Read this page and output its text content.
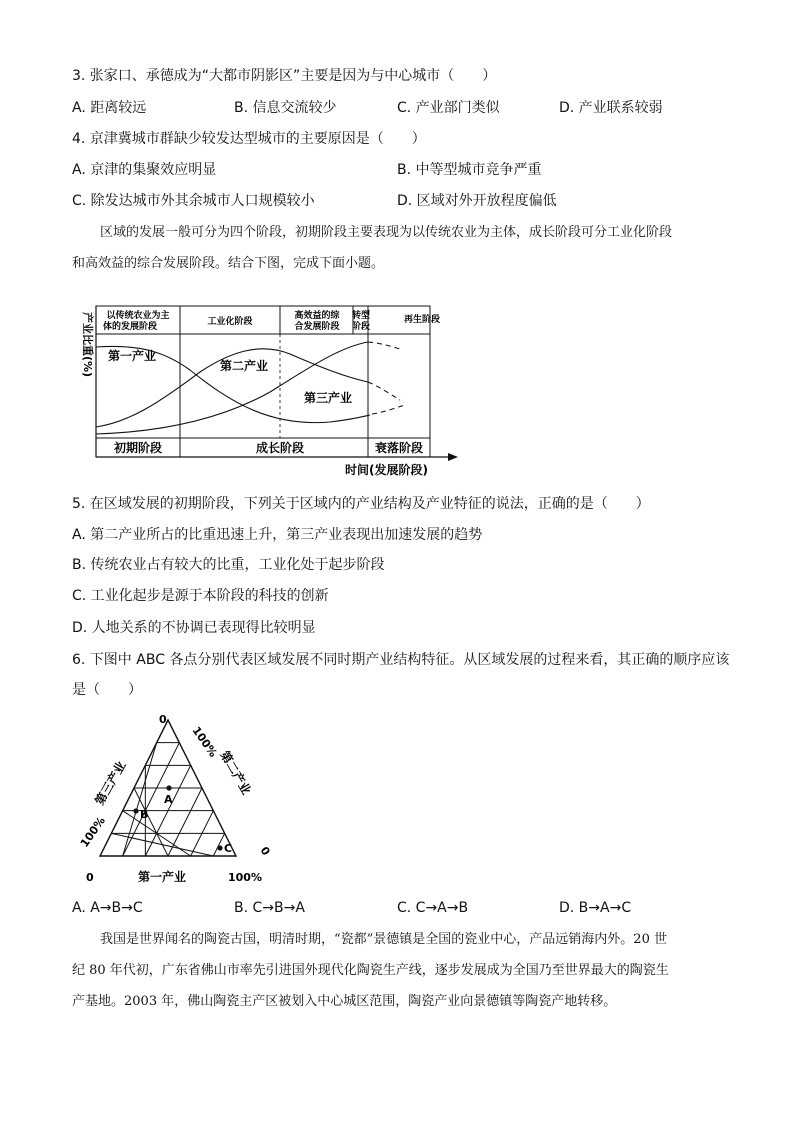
3. 张家口、承德成为“大都市阴影区”主要是因为与中心城市（　　）
A. 距离较远	B. 信息交流较少	C. 产业部门类似	D. 产业联系较弱
4. 京津冀城市群缺少较发达型城市的主要原因是（　　）
A. 京津的集聚效应明显	B. 中等型城市竞争严重
C. 除发达城市外其余城市人口规模较小	D. 区域对外开放程度偏低
区域的发展一般可分为四个阶段，初期阶段主要表现为以传统农业为主体，成长阶段可分工业化阶段
和高效益的综合发展阶段。结合下图，完成下面小题。
以传统农业为主
体的发展阶段	工业化阶段
高效益的综
合发展阶段
转型
阶段
再生阶段
第一产业
第二产业
第三产业
初期阶段	成长阶段	衰落阶段
产业比重(%)
时间(发展阶段)
5. 在区域发展的初期阶段，下列关于区域内的产业结构及产业特征的说法，正确的是（　　）
A. 第二产业所占的比重迅速上升，第三产业表现出加速发展的趋势
B. 传统农业占有较大的比重，工业化处于起步阶段
C. 工业化起步是源于本阶段的科技的创新
D. 人地关系的不协调已表现得比较明显
6. 下图中 ABC 各点分别代表区域发展不同时期产业结构特征。从区域发展的过程来看，其正确的顺序应该
是（　　）
A
B
C
0
100%
100%
0
0	100%
第三产业	第二产业
第一产业
A. A→B→C	B. C→B→A	C. C→A→B	D. B→A→C
我国是世界闻名的陶瓷古国，明清时期，“瓷都”景德镇是全国的瓷业中心，产品远销海内外。20 世
纪 80 年代初，广东省佛山市率先引进国外现代化陶瓷生产线，逐步发展成为全国乃至世界最大的陶瓷生
产基地。2003 年，佛山陶瓷主产区被划入中心城区范围，陶瓷产业向景德镇等陶瓷产地转移。
